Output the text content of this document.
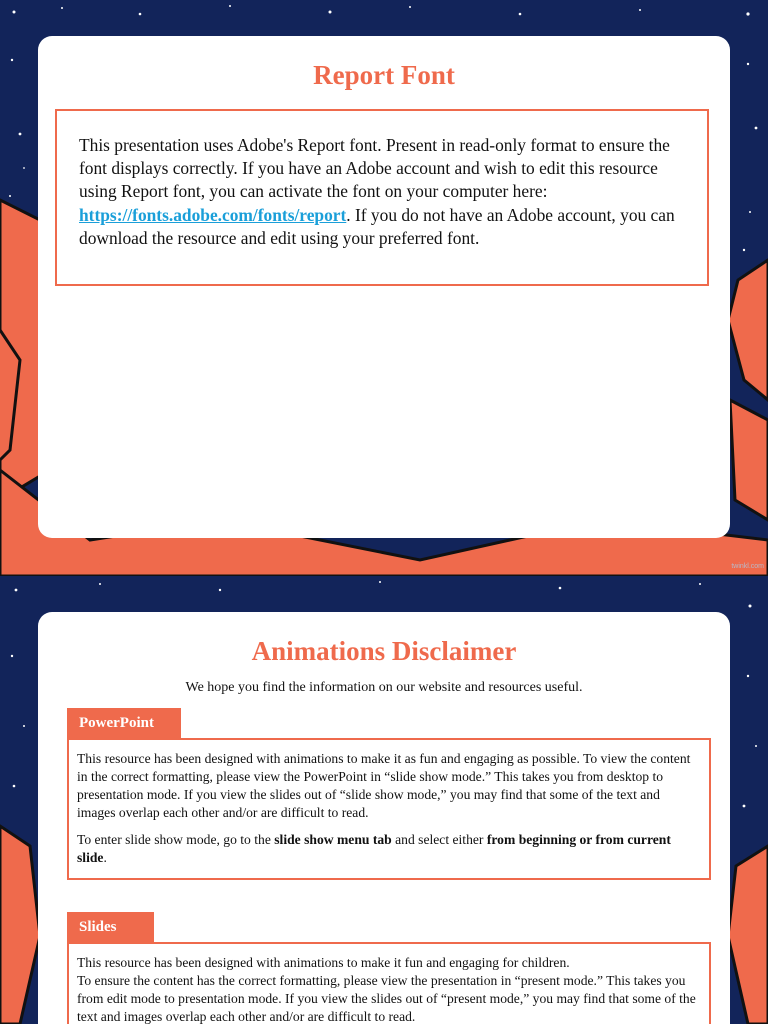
Report Font

This presentation uses Adobe's Report font. Present in read-only format to ensure the font displays correctly. If you have an Adobe account and wish to edit this resource using Report font, you can activate the font on your computer here: https://fonts.adobe.com/fonts/report. If you do not have an Adobe account, you can download the resource and edit using your preferred font.

twinkl.com
Animations Disclaimer

We hope you find the information on our website and resources useful.

PowerPoint

This resource has been designed with animations to make it as fun and engaging as possible. To view the content in the correct formatting, please view the PowerPoint in “slide show mode.” This takes you from desktop to presentation mode. If you view the slides out of “slide show mode,” you may find that some of the text and images overlap each other and/or are difficult to read.

To enter slide show mode, go to the slide show menu tab and select either from beginning or from current slide.

Slides
This resource has been designed with animations to make it fun and engaging for children.
To ensure the content has the correct formatting, please view the presentation in “present mode.” This takes you from edit mode to presentation mode. If you view the slides out of “present mode,” you may find that some of the text and images overlap each other and/or are difficult to read.
